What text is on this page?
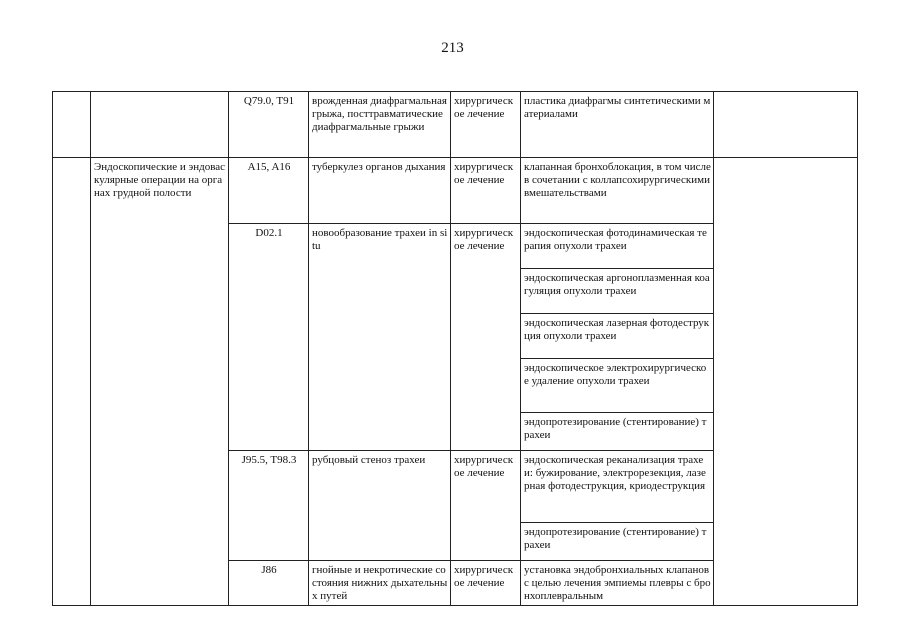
213
		Q79.0, T91	врожденная диафрагмальная грыжа, посттравматические диафрагмальные грыжи	хирургическое лечение	пластика диафрагмы синтетическими материалами	
	Эндоскопические и эндоваскулярные операции на органах грудной полости	A15, A16	туберкулез органов дыхания	хирургическое лечение	клапанная бронхоблокация, в том числе в сочетании с коллапсохирургическими вмешательствами	
		D02.1	новообразование трахеи in situ	хирургическое лечение	эндоскопическая фотодинамическая терапия опухоли трахеи	
					эндоскопическая аргоноплазменная коагуляция опухоли трахеи	
					эндоскопическая лазерная фотодеструкция опухоли трахеи	
					эндоскопическое электрохирургическое удаление опухоли трахеи	
					эндопротезирование (стентирование) трахеи	
		J95.5, T98.3	рубцовый стеноз трахеи	хирургическое лечение	эндоскопическая реканализация трахеи: бужирование, электрорезекция, лазерная фотодеструкция, криодеструкция	
					эндопротезирование (стентирование) трахеи	
		J86	гнойные и некротические состояния нижних дыхательных путей	хирургическое лечение	установка эндобронхиальных клапанов с целью лечения эмпиемы плевры с бронхоплевральным	
